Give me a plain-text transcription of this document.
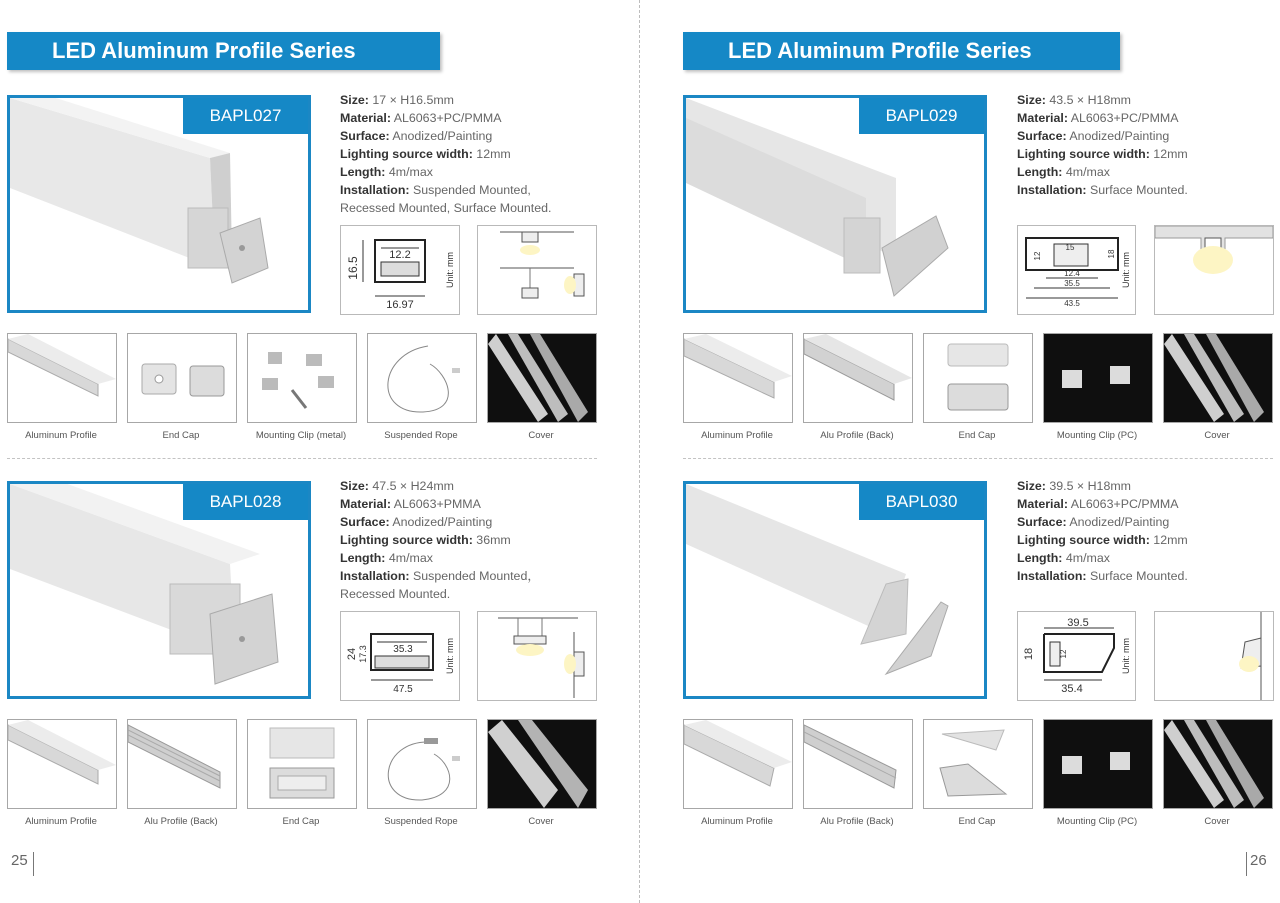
LED Aluminum Profile Series
BAPL027
Size: 17 × H16.5mm
Material: AL6063+PC/PMMA
Surface: Anodized/Painting
Lighting source width: 12mm
Length: 4m/max
Installation: Suspended Mounted,
Recessed Mounted, Surface Mounted.
16.5
12.2
16.97
Unit: mm
Aluminum Profile	End Cap	Mounting Clip (metal)	Suspended Rope	Cover
BAPL028
Size: 47.5 × H24mm
Material: AL6063+PMMA
Surface: Anodized/Painting
Lighting source width: 36mm
Length: 4m/max
Installation: Suspended Mounted，
Recessed Mounted.
24 17.3	35.3
47.5
Unit: mm
Aluminum Profile	Alu Profile (Back)	End Cap	Suspended Rope	Cover
25
LED Aluminum Profile Series
BAPL029
Size: 43.5 × H18mm
Material: AL6063+PC/PMMA
Surface: Anodized/Painting
Lighting source width: 12mm
Length: 4m/max
Installation: Surface Mounted.
15
12	18
12.4
35.5
43.5
Unit: mm
Aluminum Profile	Alu Profile (Back)	End Cap	Mounting Clip (PC)	Cover
BAPL030
Size: 39.5 × H18mm
Material: AL6063+PC/PMMA
Surface: Anodized/Painting
Lighting source width: 12mm
Length: 4m/max
Installation: Surface Mounted.
39.5
18	12
35.4
Unit: mm
Aluminum Profile	Alu Profile (Back)	End Cap	Mounting Clip (PC)	Cover
26
